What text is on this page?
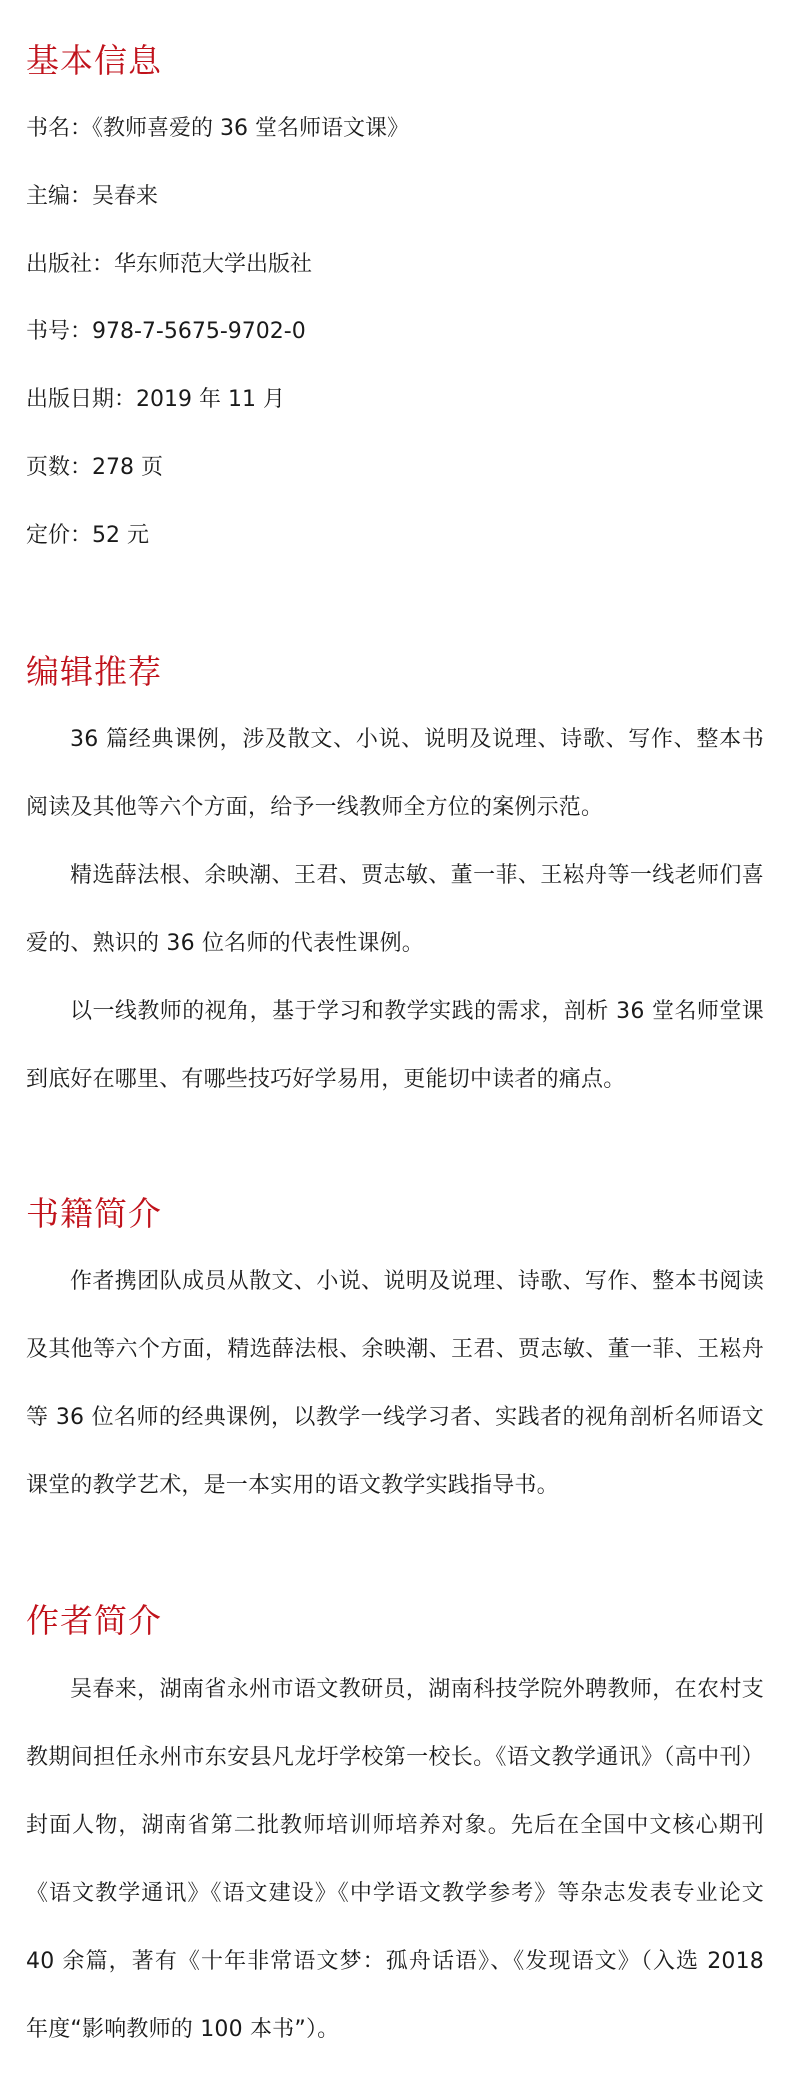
基本信息

书名：《教师喜爱的 36 堂名师语文课》

主编：吴春来

出版社：华东师范大学出版社

书号：978-7-5675-9702-0

出版日期：2019 年 11 月

页数：278 页

定价：52 元

编辑推荐

36 篇经典课例，涉及散文、小说、说明及说理、诗歌、写作、整本书阅读及其他等六个方面，给予一线教师全方位的案例示范。

精选薛法根、余映潮、王君、贾志敏、董一菲、王崧舟等一线老师们喜爱的、熟识的 36 位名师的代表性课例。

以一线教师的视角，基于学习和教学实践的需求，剖析 36 堂名师堂课到底好在哪里、有哪些技巧好学易用，更能切中读者的痛点。

书籍简介

作者携团队成员从散文、小说、说明及说理、诗歌、写作、整本书阅读及其他等六个方面，精选薛法根、余映潮、王君、贾志敏、董一菲、王崧舟等 36 位名师的经典课例，以教学一线学习者、实践者的视角剖析名师语文课堂的教学艺术，是一本实用的语文教学实践指导书。

作者简介

吴春来，湖南省永州市语文教研员，湖南科技学院外聘教师，在农村支教期间担任永州市东安县凡龙圩学校第一校长。《语文教学通讯》（高中刊）封面人物，湖南省第二批教师培训师培养对象。先后在全国中文核心期刊《语文教学通讯》《语文建设》《中学语文教学参考》等杂志发表专业论文 40 余篇，著有《十年非常语文梦：孤舟话语》、《发现语文》（入选 2018 年度“影响教师的 100 本书”）。
